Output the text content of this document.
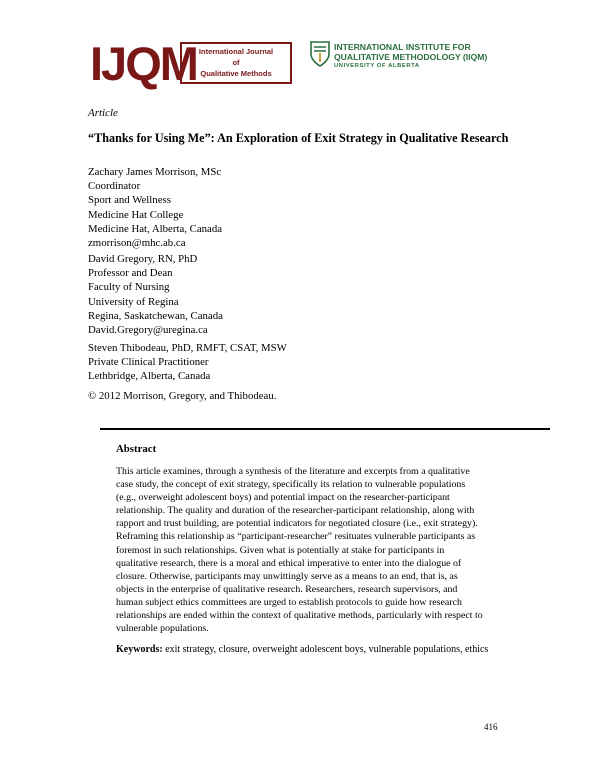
IJQM International Journal
of
Qualitative Methods
INTERNATIONAL INSTITUTE FOR
QUALITATIVE METHODOLOGY (IIQM)
UNIVERSITY OF ALBERTA
Article
“Thanks for Using Me”: An Exploration of Exit Strategy in Qualitative Research
Zachary James Morrison, MSc
Coordinator
Sport and Wellness
Medicine Hat College
Medicine Hat, Alberta, Canada
zmorrison@mhc.ab.ca
David Gregory, RN, PhD
Professor and Dean
Faculty of Nursing
University of Regina
Regina, Saskatchewan, Canada
David.Gregory@uregina.ca
Steven Thibodeau, PhD, RMFT, CSAT, MSW
Private Clinical Practitioner
Lethbridge, Alberta, Canada
© 2012 Morrison, Gregory, and Thibodeau.
Abstract
This article examines, through a synthesis of the literature and excerpts from a qualitative
case study, the concept of exit strategy, specifically its relation to vulnerable populations
(e.g., overweight adolescent boys) and potential impact on the researcher-participant
relationship. The quality and duration of the researcher-participant relationship, along with
rapport and trust building, are potential indicators for negotiated closure (i.e., exit strategy).
Reframing this relationship as “participant-researcher” resituates vulnerable participants as
foremost in such relationships. Given what is potentially at stake for participants in
qualitative research, there is a moral and ethical imperative to enter into the dialogue of
closure. Otherwise, participants may unwittingly serve as a means to an end, that is, as
objects in the enterprise of qualitative research. Researchers, research supervisors, and
human subject ethics committees are urged to establish protocols to guide how research
relationships are ended within the context of qualitative methods, particularly with respect to
vulnerable populations.
Keywords: exit strategy, closure, overweight adolescent boys, vulnerable populations, ethics
416
